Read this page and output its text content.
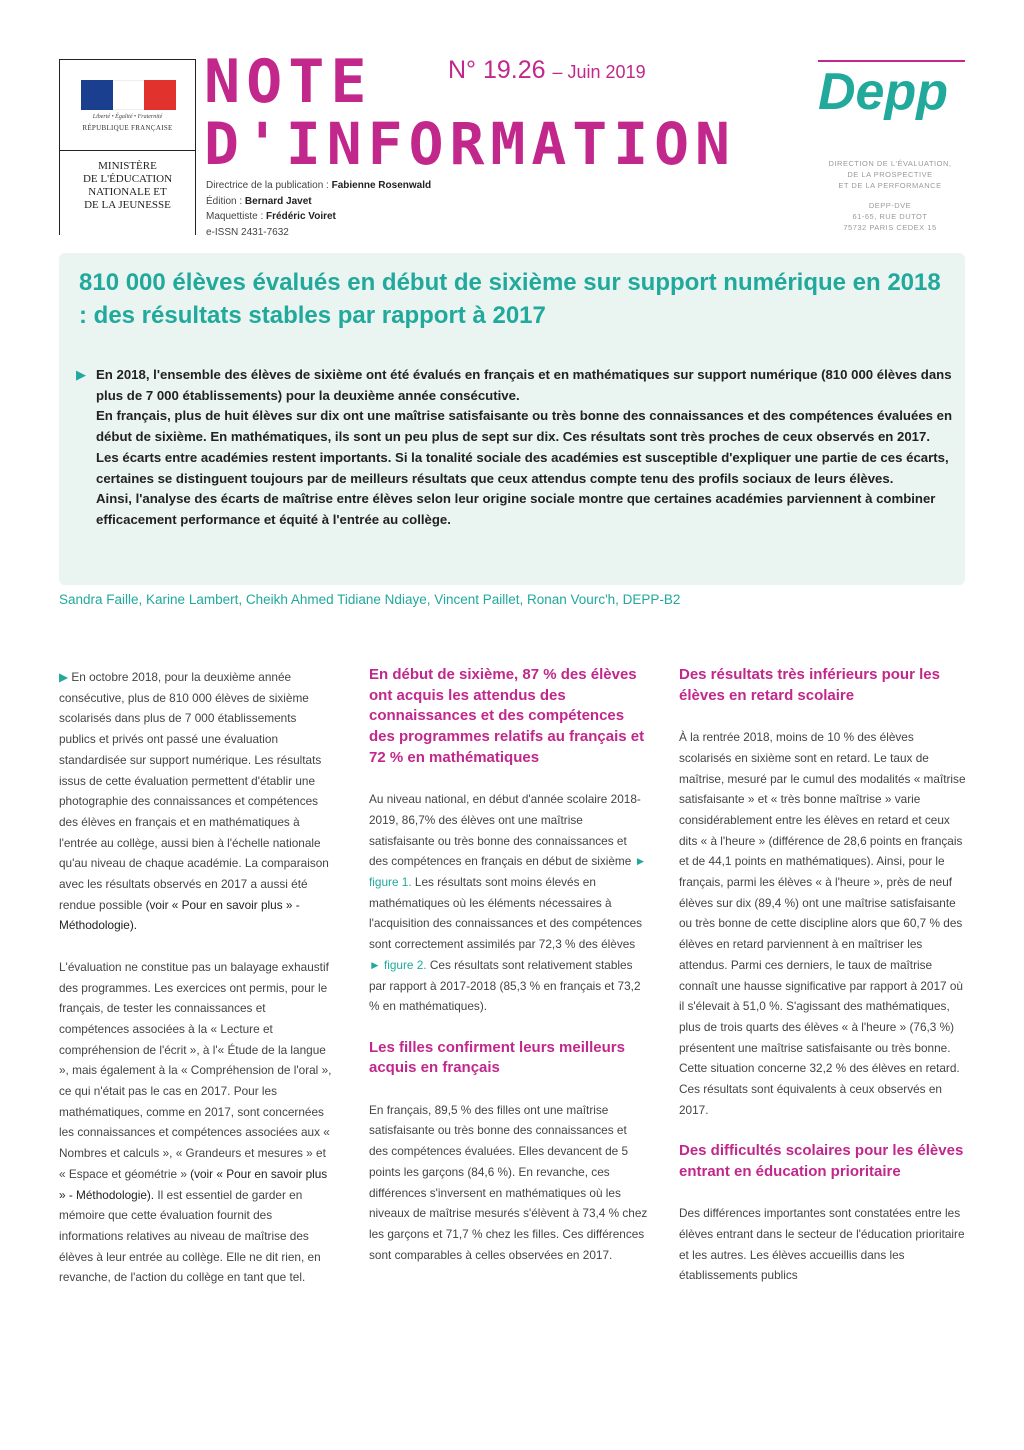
Liberté • Égalité • Fraternité
RÉPUBLIQUE FRANÇAISE
MINISTÈRE
DE L'ÉDUCATION
NATIONALE ET
DE LA JEUNESSE
NOTE
D'INFORMATION
N° 19.26 – Juin 2019
Directrice de la publication : Fabienne Rosenwald
Édition : Bernard Javet
Maquettiste : Frédéric Voiret
e-ISSN 2431-7632
Depp
DIRECTION DE L'ÉVALUATION,
DE LA PROSPECTIVE
ET DE LA PERFORMANCE
DEPP-DVE
61-65, RUE DUTOT
75732 PARIS CEDEX 15
810 000 élèves évalués en début de sixième sur support numérique en 2018 : des résultats stables par rapport à 2017
▶ En 2018, l'ensemble des élèves de sixième ont été évalués en français et en mathématiques sur support numérique (810 000 élèves dans plus de 7 000 établissements) pour la deuxième année consécutive.

En français, plus de huit élèves sur dix ont une maîtrise satisfaisante ou très bonne des connaissances et des compétences évaluées en début de sixième. En mathématiques, ils sont un peu plus de sept sur dix. Ces résultats sont très proches de ceux observés en 2017.

Les écarts entre académies restent importants. Si la tonalité sociale des académies est susceptible d'expliquer une partie de ces écarts, certaines se distinguent toujours par de meilleurs résultats que ceux attendus compte tenu des profils sociaux de leurs élèves.

Ainsi, l'analyse des écarts de maîtrise entre élèves selon leur origine sociale montre que certaines académies parviennent à combiner efficacement performance et équité à l'entrée au collège.

Sandra Faille, Karine Lambert, Cheikh Ahmed Tidiane Ndiaye, Vincent Paillet, Ronan Vourc'h, DEPP-B2

▶ En octobre 2018, pour la deuxième année consécutive, plus de 810 000 élèves de sixième scolarisés dans plus de 7 000 établissements publics et privés ont passé une évaluation standardisée sur support numérique. Les résultats issus de cette évaluation permettent d'établir une photographie des connaissances et compétences des élèves en français et en mathématiques à l'entrée au collège, aussi bien à l'échelle nationale qu'au niveau de chaque académie. La comparaison avec les résultats observés en 2017 a aussi été rendue possible (voir « Pour en savoir plus » - Méthodologie).

L'évaluation ne constitue pas un balayage exhaustif des programmes. Les exercices ont permis, pour le français, de tester les connaissances et compétences associées à la « Lecture et compréhension de l'écrit », à l'« Étude de la langue », mais également à la « Compréhension de l'oral », ce qui n'était pas le cas en 2017. Pour les mathématiques, comme en 2017, sont concernées les connaissances et compétences associées aux « Nombres et calculs », « Grandeurs et mesures » et « Espace et géométrie » (voir « Pour en savoir plus » - Méthodologie). Il est essentiel de garder en mémoire que cette évaluation fournit des informations relatives au niveau de maîtrise des élèves à leur entrée au collège. Elle ne dit rien, en revanche, de l'action du collège en tant que tel.

En début de sixième, 87 % des élèves ont acquis les attendus des connaissances et des compétences des programmes relatifs au français et 72 % en mathématiques

Au niveau national, en début d'année scolaire 2018-2019, 86,7% des élèves ont une maîtrise satisfaisante ou très bonne des connaissances et des compétences en français en début de sixième ► figure 1. Les résultats sont moins élevés en mathématiques où les éléments nécessaires à l'acquisition des connaissances et des compétences sont correctement assimilés par 72,3 % des élèves ► figure 2. Ces résultats sont relativement stables par rapport à 2017-2018 (85,3 % en français et 73,2 % en mathématiques).

Les filles confirment leurs meilleurs acquis en français

En français, 89,5 % des filles ont une maîtrise satisfaisante ou très bonne des connaissances et des compétences évaluées. Elles devancent de 5 points les garçons (84,6 %). En revanche, ces différences s'inversent en mathématiques où les niveaux de maîtrise mesurés s'élèvent à 73,4 % chez les garçons et 71,7 % chez les filles. Ces différences sont comparables à celles observées en 2017.

Des résultats très inférieurs pour les élèves en retard scolaire

À la rentrée 2018, moins de 10 % des élèves scolarisés en sixième sont en retard. Le taux de maîtrise, mesuré par le cumul des modalités « maîtrise satisfaisante » et « très bonne maîtrise » varie considérablement entre les élèves en retard et ceux dits « à l'heure » (différence de 28,6 points en français et de 44,1 points en mathématiques). Ainsi, pour le français, parmi les élèves « à l'heure », près de neuf élèves sur dix (89,4 %) ont une maîtrise satisfaisante ou très bonne de cette discipline alors que 60,7 % des élèves en retard parviennent à en maîtriser les attendus. Parmi ces derniers, le taux de maîtrise connaît une hausse significative par rapport à 2017 où il s'élevait à 51,0 %. S'agissant des mathématiques, plus de trois quarts des élèves « à l'heure » (76,3 %) présentent une maîtrise satisfaisante ou très bonne. Cette situation concerne 32,2 % des élèves en retard. Ces résultats sont équivalents à ceux observés en 2017.

Des difficultés scolaires pour les élèves entrant en éducation prioritaire

Des différences importantes sont constatées entre les élèves entrant dans le secteur de l'éducation prioritaire et les autres. Les élèves accueillis dans les établissements publics
